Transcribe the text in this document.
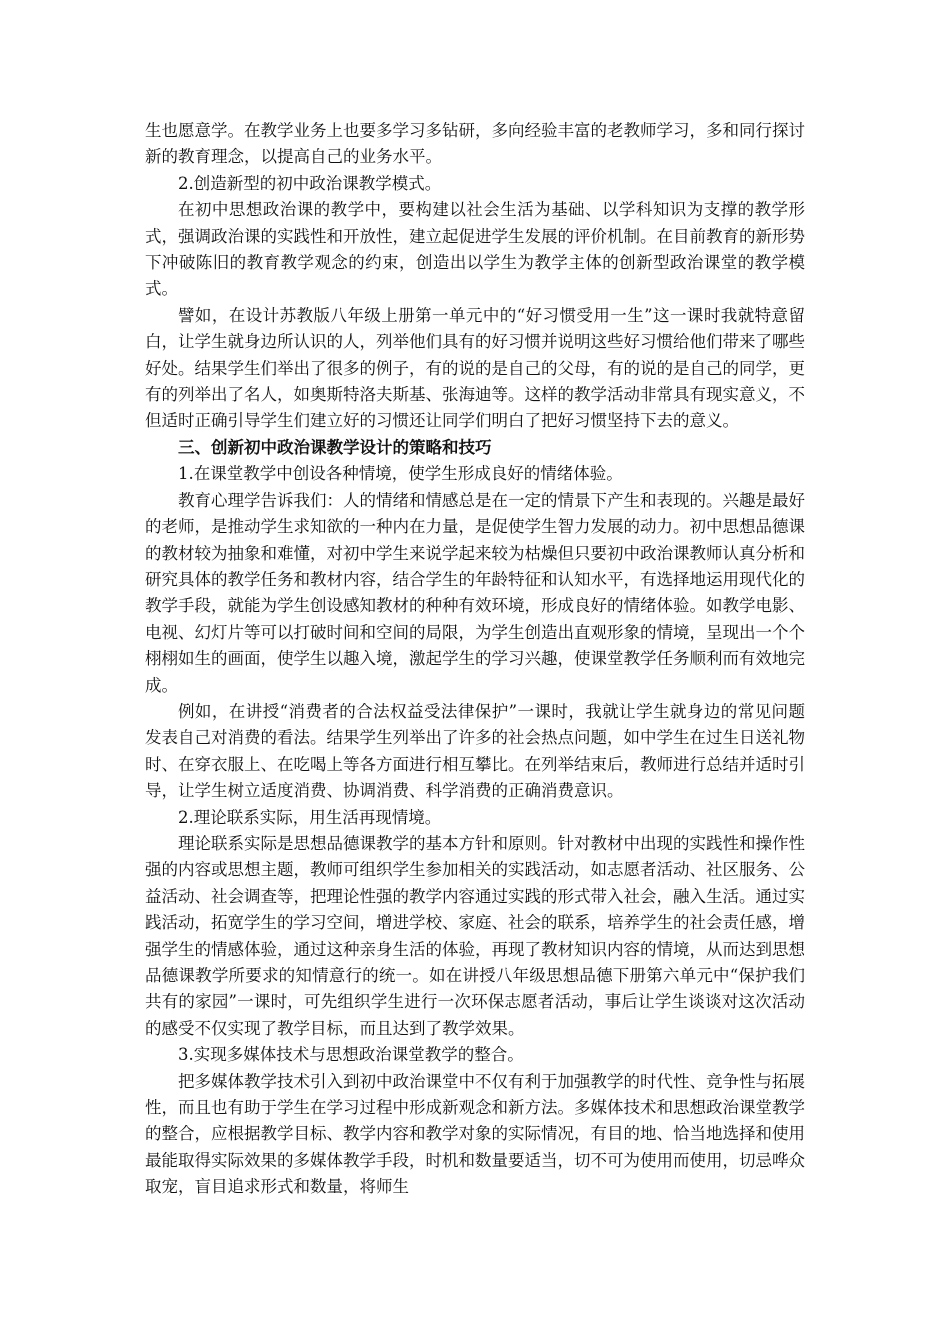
生也愿意学。在教学业务上也要多学习多钻研，多向经验丰富的老教师学习，多和同行探讨新的教育理念，以提高自己的业务水平。

2.创造新型的初中政治课教学模式。

在初中思想政治课的教学中，要构建以社会生活为基础、以学科知识为支撑的教学形式，强调政治课的实践性和开放性，建立起促进学生发展的评价机制。在目前教育的新形势下冲破陈旧的教育教学观念的约束，创造出以学生为教学主体的创新型政治课堂的教学模式。

譬如，在设计苏教版八年级上册第一单元中的“好习惯受用一生”这一课时我就特意留白，让学生就身边所认识的人，列举他们具有的好习惯并说明这些好习惯给他们带来了哪些好处。结果学生们举出了很多的例子，有的说的是自己的父母，有的说的是自己的同学，更有的列举出了名人，如奥斯特洛夫斯基、张海迪等。这样的教学活动非常具有现实意义，不但适时正确引导学生们建立好的习惯还让同学们明白了把好习惯坚持下去的意义。

三、创新初中政治课教学设计的策略和技巧

1.在课堂教学中创设各种情境，使学生形成良好的情绪体验。

教育心理学告诉我们：人的情绪和情感总是在一定的情景下产生和表现的。兴趣是最好的老师，是推动学生求知欲的一种内在力量，是促使学生智力发展的动力。初中思想品德课的教材较为抽象和难懂，对初中学生来说学起来较为枯燥但只要初中政治课教师认真分析和研究具体的教学任务和教材内容，结合学生的年龄特征和认知水平，有选择地运用现代化的教学手段，就能为学生创设感知教材的种种有效环境，形成良好的情绪体验。如教学电影、电视、幻灯片等可以打破时间和空间的局限，为学生创造出直观形象的情境，呈现出一个个栩栩如生的画面，使学生以趣入境，激起学生的学习兴趣，使课堂教学任务顺利而有效地完成。

例如，在讲授“消费者的合法权益受法律保护”一课时，我就让学生就身边的常见问题发表自己对消费的看法。结果学生列举出了许多的社会热点问题，如中学生在过生日送礼物时、在穿衣服上、在吃喝上等各方面进行相互攀比。在列举结束后，教师进行总结并适时引导，让学生树立适度消费、协调消费、科学消费的正确消费意识。

2.理论联系实际，用生活再现情境。

理论联系实际是思想品德课教学的基本方针和原则。针对教材中出现的实践性和操作性强的内容或思想主题，教师可组织学生参加相关的实践活动，如志愿者活动、社区服务、公益活动、社会调查等，把理论性强的教学内容通过实践的形式带入社会，融入生活。通过实践活动，拓宽学生的学习空间，增进学校、家庭、社会的联系，培养学生的社会责任感，增强学生的情感体验，通过这种亲身生活的体验，再现了教材知识内容的情境，从而达到思想品德课教学所要求的知情意行的统一。如在讲授八年级思想品德下册第六单元中“保护我们共有的家园”一课时，可先组织学生进行一次环保志愿者活动，事后让学生谈谈对这次活动的感受不仅实现了教学目标，而且达到了教学效果。

3.实现多媒体技术与思想政治课堂教学的整合。

把多媒体教学技术引入到初中政治课堂中不仅有利于加强教学的时代性、竞争性与拓展性，而且也有助于学生在学习过程中形成新观念和新方法。多媒体技术和思想政治课堂教学的整合，应根据教学目标、教学内容和教学对象的实际情况，有目的地、恰当地选择和使用最能取得实际效果的多媒体教学手段，时机和数量要适当，切不可为使用而使用，切忌哗众取宠，盲目追求形式和数量，将师生
